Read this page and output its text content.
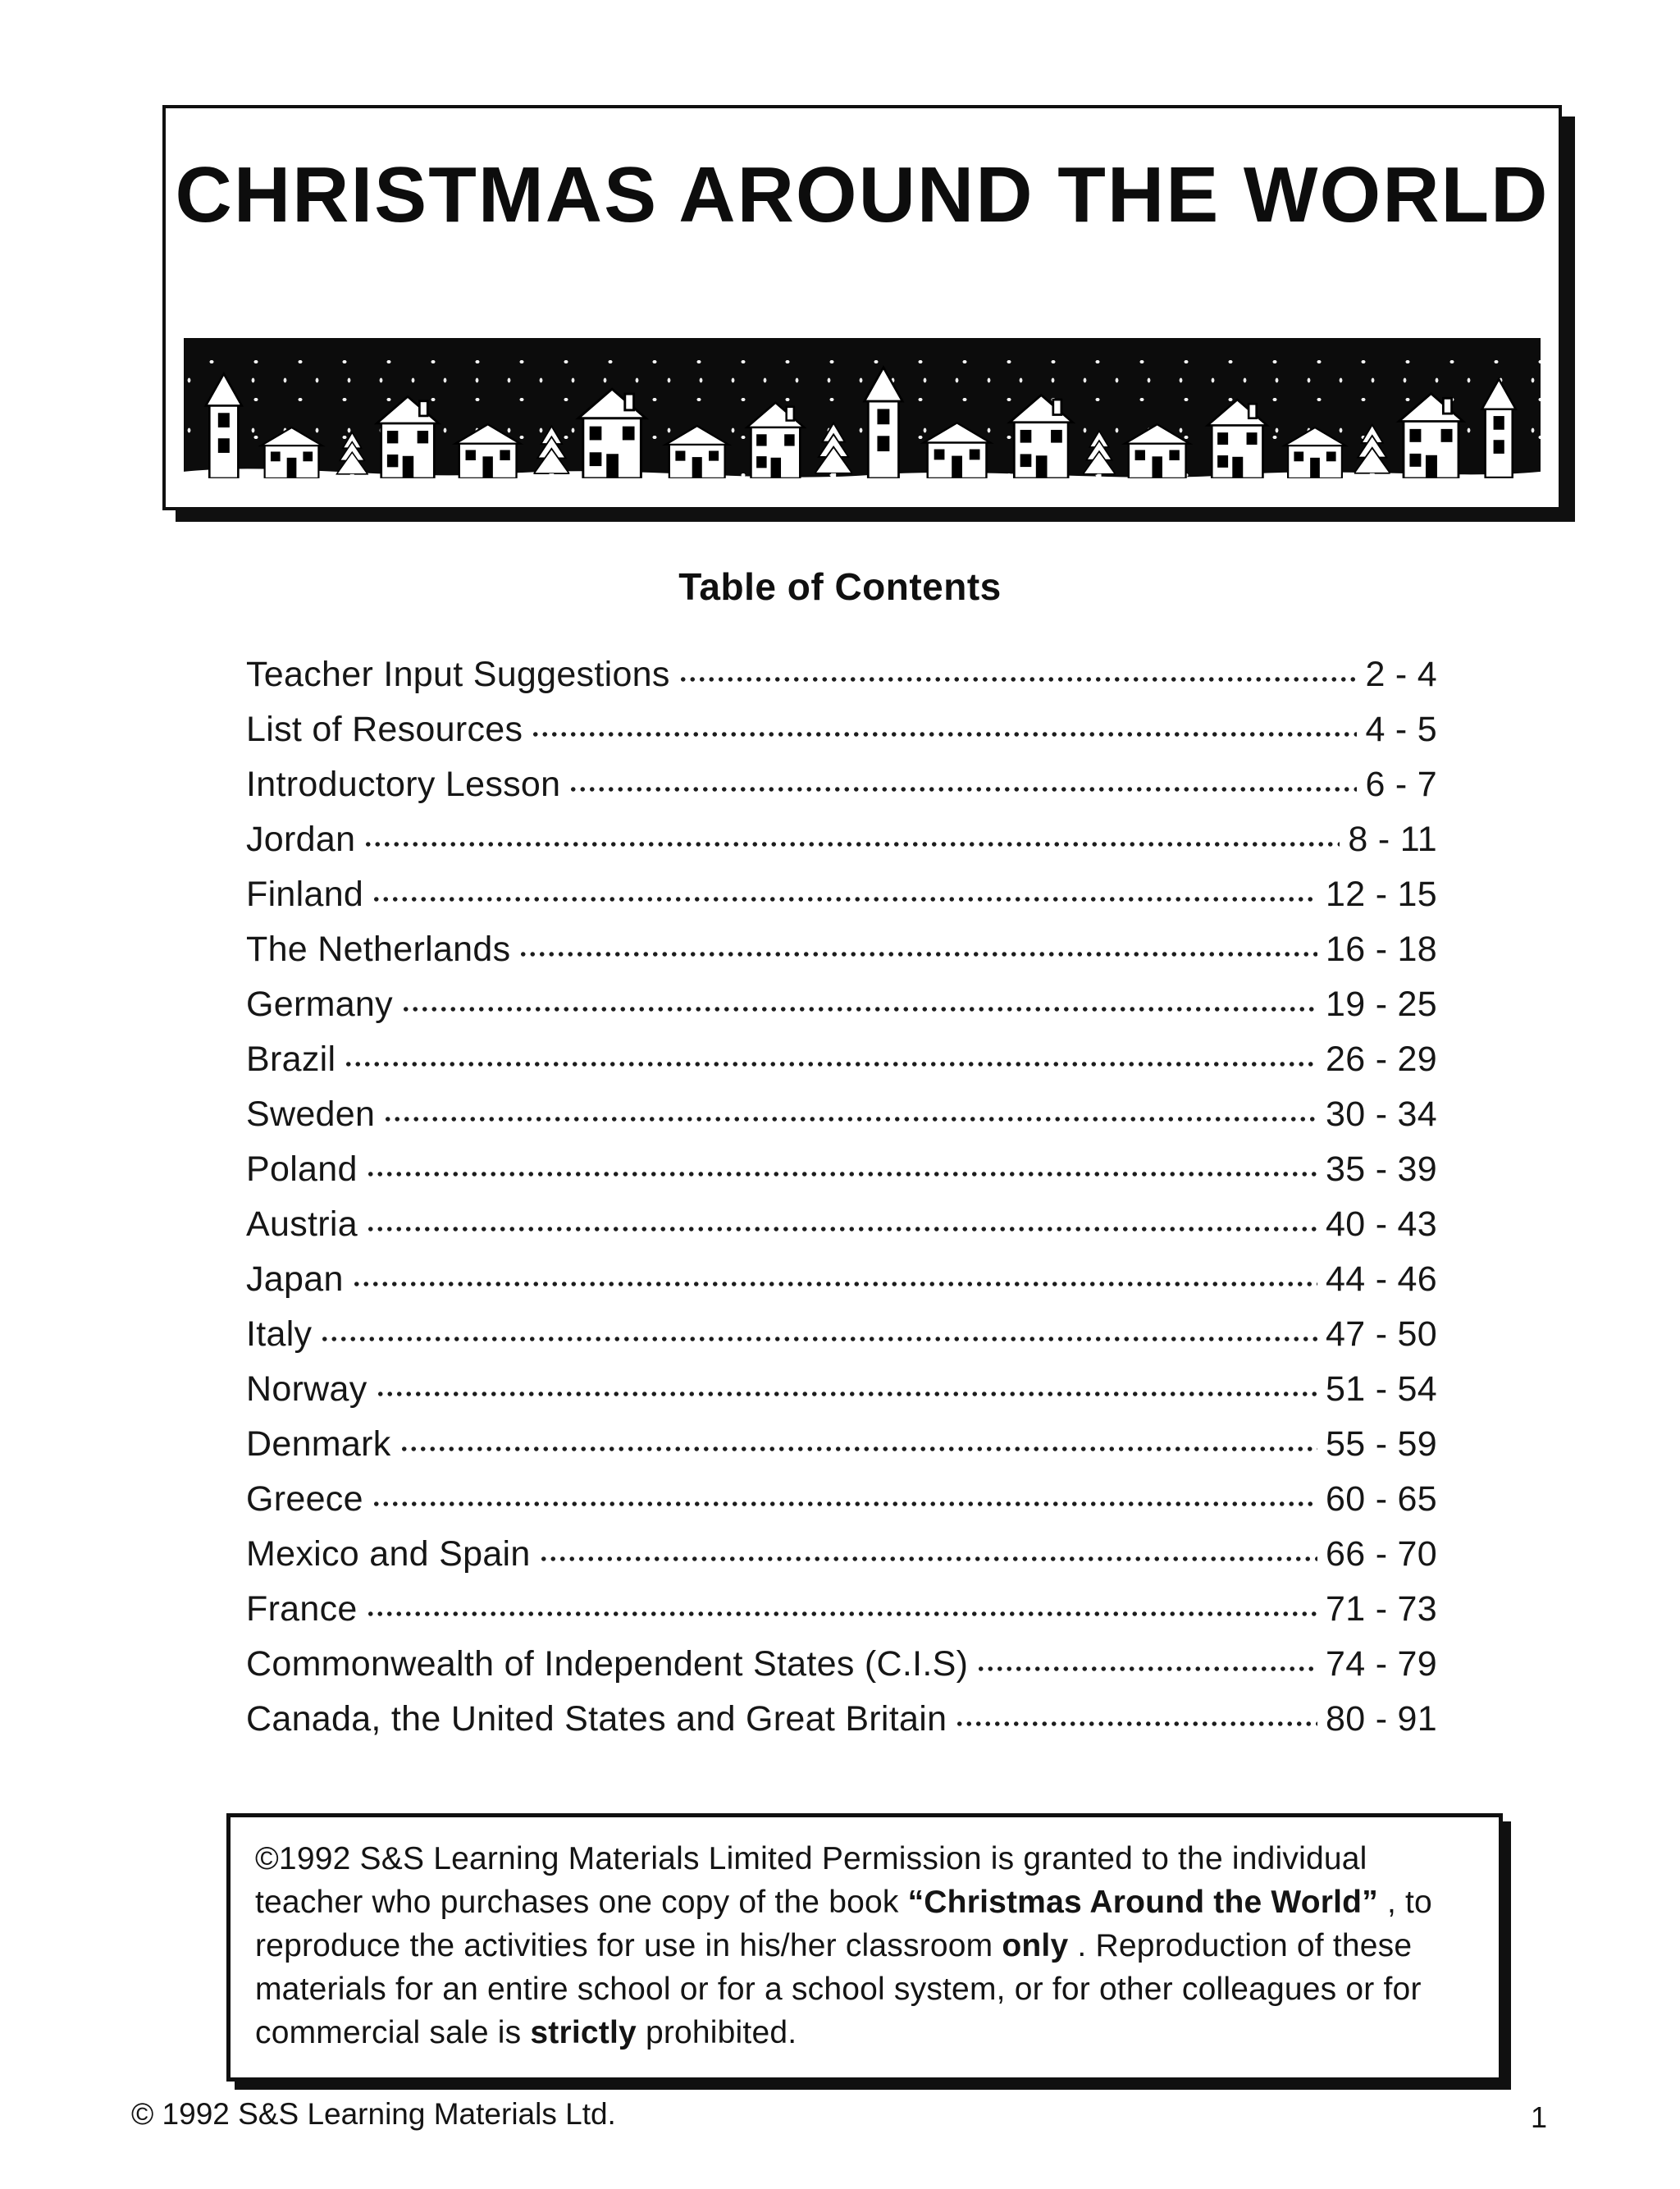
CHRISTMAS AROUND THE WORLD
Table of Contents
Teacher Input Suggestions	2 - 4
List of Resources	4 - 5
Introductory Lesson	6 - 7
Jordan	8 - 11
Finland	12 - 15
The Netherlands	16 - 18
Germany	19 - 25
Brazil	26 - 29
Sweden	30 - 34
Poland	35 - 39
Austria	40 - 43
Japan	44 - 46
Italy	47 - 50
Norway	51 - 54
Denmark	55 - 59
Greece	60 - 65
Mexico and Spain	66 - 70
France	71 - 73
Commonwealth of Independent States (C.I.S)	74 - 79
Canada, the United States and Great Britain	80 - 91
©1992 S&S Learning Materials Limited Permission is granted to the individual teacher who purchases one copy of the book “Christmas Around the World” , to reproduce the activities for use in his/her classroom only . Reproduction of these materials for an entire school or for a school system, or for other colleagues or for commercial sale is strictly prohibited.
© 1992 S&S Learning Materials Ltd.	1
